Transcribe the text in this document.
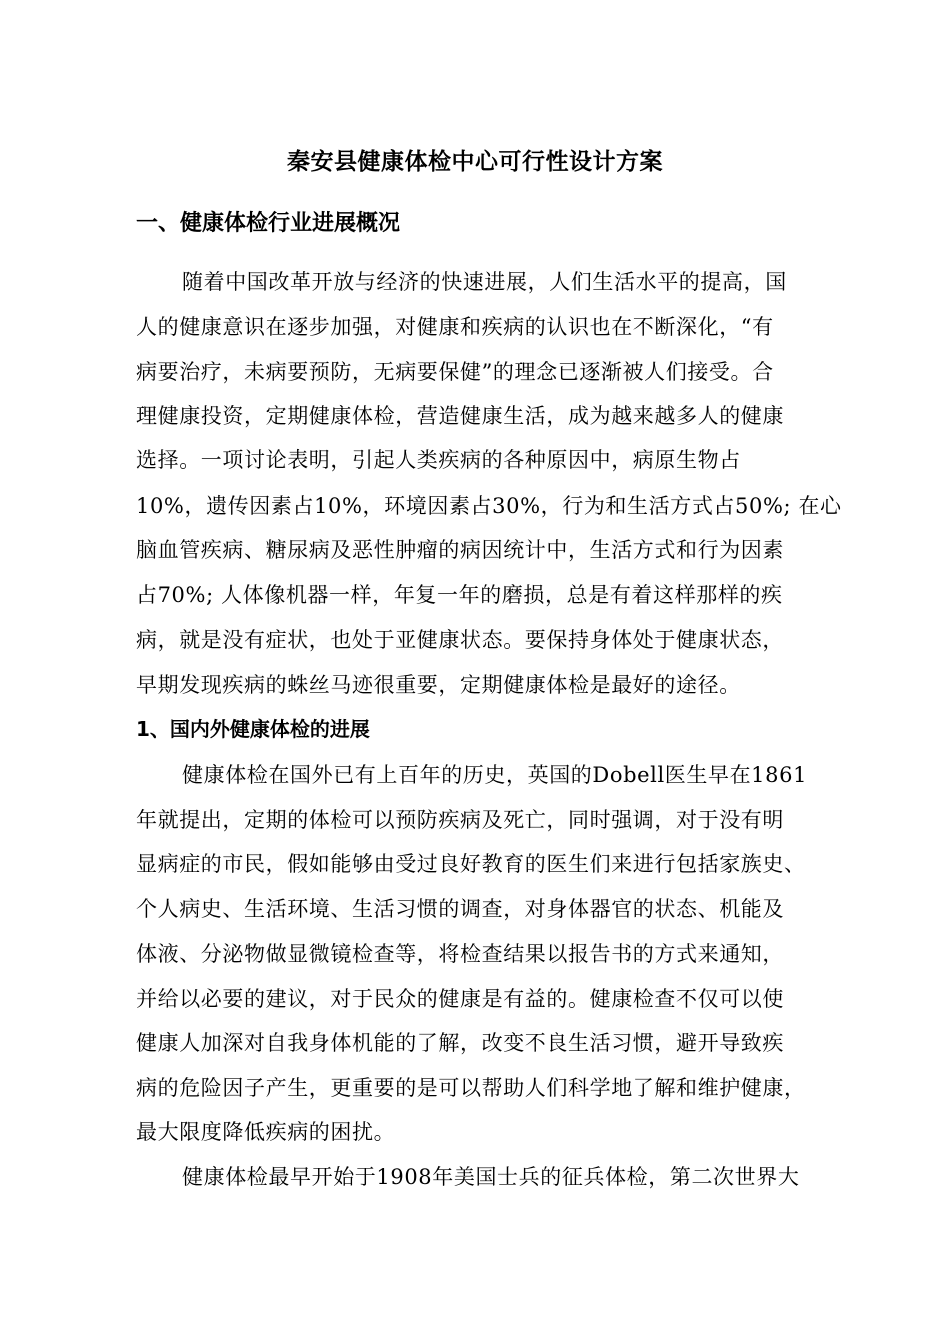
秦安县健康体检中心可行性设计方案
一、健康体检行业进展概况
随着中国改革开放与经济的快速进展，人们生活水平的提高，国
人的健康意识在逐步加强，对健康和疾病的认识也在不断深化，“有
病要治疗，未病要预防，无病要保健”的理念已逐渐被人们接受。合
理健康投资，定期健康体检，营造健康生活，成为越来越多人的健康
选择。一项讨论表明，引起人类疾病的各种原因中，病原生物占
10%，遗传因素占10%，环境因素占30%，行为和生活方式占50%; 在心
脑血管疾病、糖尿病及恶性肿瘤的病因统计中，生活方式和行为因素
占70%; 人体像机器一样，年复一年的磨损，总是有着这样那样的疾
病，就是没有症状，也处于亚健康状态。要保持身体处于健康状态，
早期发现疾病的蛛丝马迹很重要，定期健康体检是最好的途径。
1、国内外健康体检的进展
健康体检在国外已有上百年的历史，英国的Dobell医生早在1861
年就提出，定期的体检可以预防疾病及死亡，同时强调，对于没有明
显病症的市民，假如能够由受过良好教育的医生们来进行包括家族史、
个人病史、生活环境、生活习惯的调查，对身体器官的状态、机能及
体液、分泌物做显微镜检查等，将检查结果以报告书的方式来通知，
并给以必要的建议，对于民众的健康是有益的。健康检查不仅可以使
健康人加深对自我身体机能的了解，改变不良生活习惯，避开导致疾
病的危险因子产生，更重要的是可以帮助人们科学地了解和维护健康，
最大限度降低疾病的困扰。
健康体检最早开始于1908年美国士兵的征兵体检，第二次世界大
